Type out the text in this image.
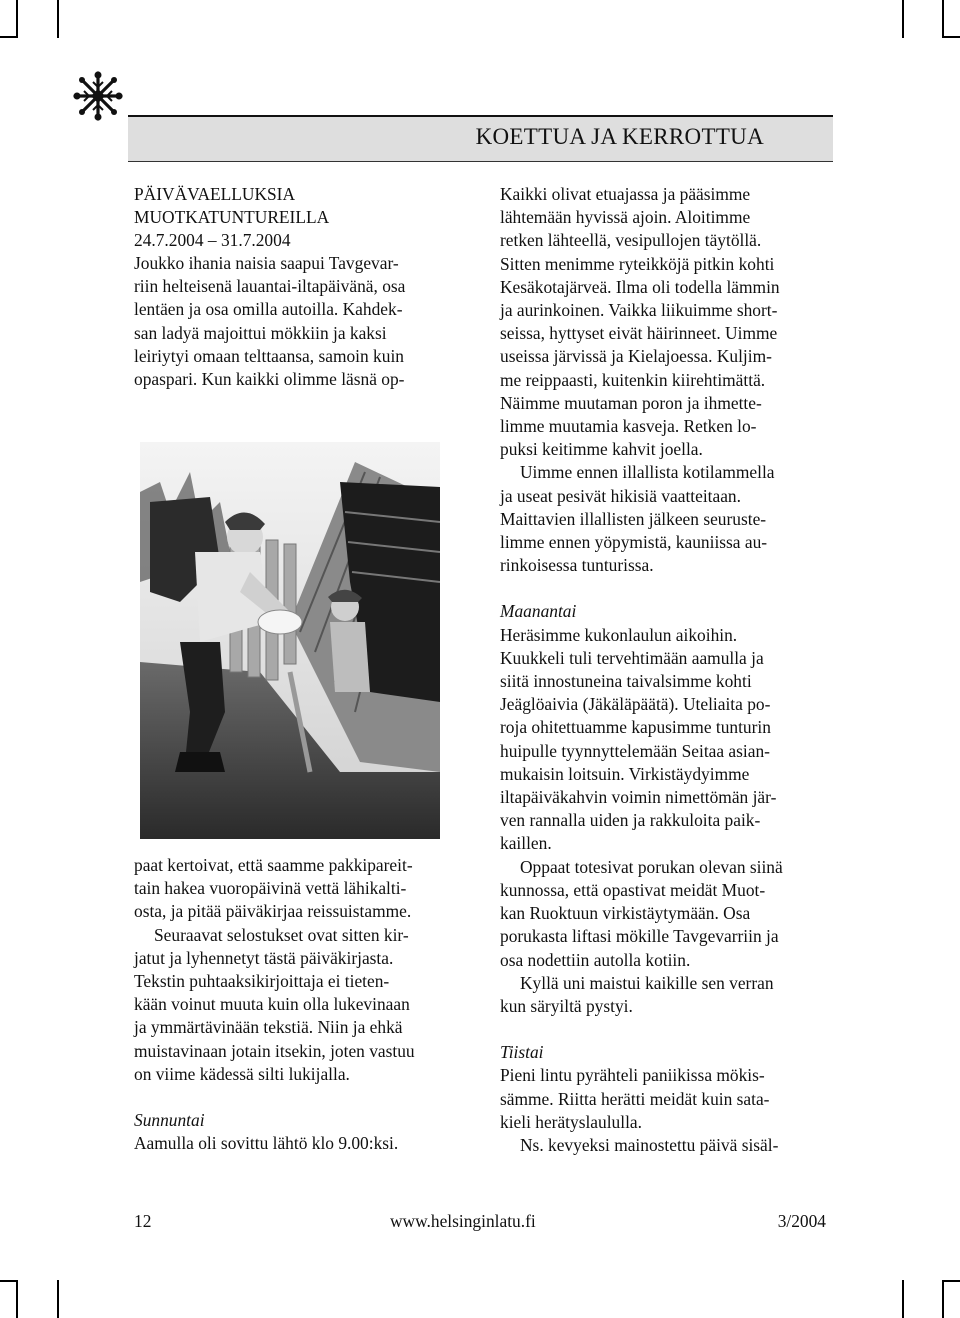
KOETTUA JA KERROTTUA

PÄIVÄVAELLUKSIA

MUOTKATUNTUREILLA

24.7.2004 – 31.7.2004

Joukko ihania naisia saapui Tavgevar-

riin helteisenä lauantai-iltapäivänä, osa

lentäen ja osa omilla autoilla. Kahdek-

san ladyä majoittui mökkiin ja kaksi

leiriytyi omaan telttaansa, samoin kuin

opaspari. Kun kaikki olimme läsnä op-

paat kertoivat, että saamme pakkipareit-

tain hakea vuoropäivinä vettä lähikalti-

osta, ja pitää päiväkirjaa reissuistamme.

Seuraavat selostukset ovat sitten kir-

jatut ja lyhennetyt tästä päiväkirjasta.

Tekstin puhtaaksikirjoittaja ei tieten-

kään voinut muuta kuin olla lukevinaan

ja ymmärtävinään tekstiä. Niin ja ehkä

muistavinaan jotain itsekin, joten vastuu

on viime kädessä silti lukijalla.

Sunnuntai

Aamulla oli sovittu lähtö klo 9.00:ksi.

Kaikki olivat etuajassa ja pääsimme

lähtemään hyvissä ajoin. Aloitimme

retken lähteellä, vesipullojen täytöllä.

Sitten menimme ryteikköjä pitkin kohti

Kesäkotajärveä. Ilma oli todella lämmin

ja aurinkoinen. Vaikka liikuimme short-

seissa, hyttyset eivät häirinneet. Uimme

useissa järvissä ja Kielajoessa. Kuljim-

me reippaasti, kuitenkin kiirehtimättä.

Näimme muutaman poron ja ihmette-

limme muutamia kasveja. Retken lo-

puksi keitimme kahvit joella.

Uimme ennen illallista kotilammella

ja useat pesivät hikisiä vaatteitaan.

Maittavien illallisten jälkeen seuruste-

limme ennen yöpymistä, kauniissa au-

rinkoisessa tunturissa.

Maanantai

Heräsimme kukonlaulun aikoihin.

Kuukkeli tuli tervehtimään aamulla ja

siitä innostuneina taivalsimme kohti

Jeäglöaivia (Jäkäläpäätä). Uteliaita po-

roja ohitettuamme kapusimme tunturin

huipulle tyynnyttelemään Seitaa asian-

mukaisin loitsuin. Virkistäydyimme

iltapäiväkahvin voimin nimettömän jär-

ven rannalla uiden ja rakkuloita paik-

kaillen.

Oppaat totesivat porukan olevan siinä

kunnossa, että opastivat meidät Muot-

kan Ruoktuun virkistäytymään. Osa

porukasta liftasi mökille Tavgevarriin ja

osa nodettiin autolla kotiin.

Kyllä uni maistui kaikille sen verran

kun säryiltä pystyi.

Tiistai

Pieni lintu pyrähteli paniikissa mökis-

sämme. Riitta herätti meidät kuin sata-

kieli herätyslaululla.

Ns. kevyeksi mainostettu päivä sisäl-

12	www.helsinginlatu.fi	3/2004
